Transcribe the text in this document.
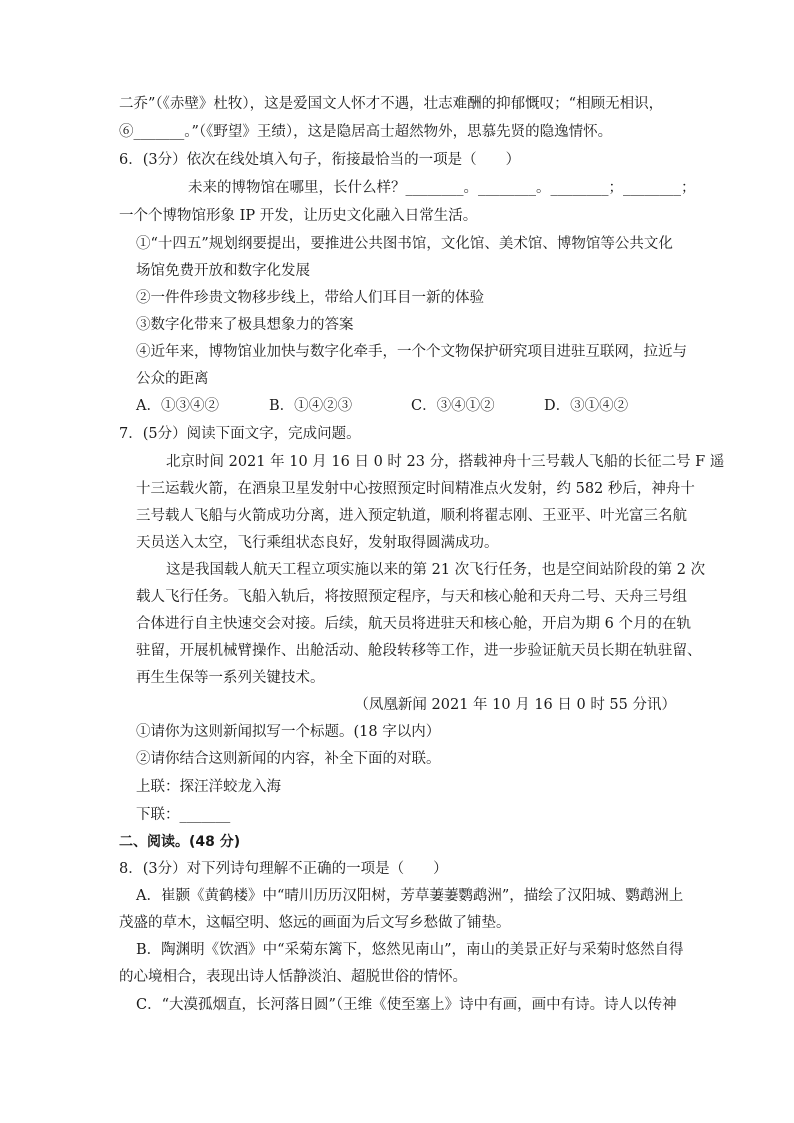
二乔”（《赤壁》杜牧），这是爱国文人怀才不遇，壮志难酬的抑郁慨叹；“相顾无相识，
⑥_______。”（《野望》王绩），这是隐居高士超然物外，思慕先贤的隐逸情怀。
6．(3分）依次在线处填入句子，衔接最恰当的一项是（　　）
未来的博物馆在哪里，长什么样？________。________。________；________；
一个个博物馆形象 IP 开发，让历史文化融入日常生活。
①“十四五”规划纲要提出，要推进公共图书馆，文化馆、美术馆、博物馆等公共文化
场馆免费开放和数字化发展
②一件件珍贵文物移步线上，带给人们耳目一新的体验
③数字化带来了极具想象力的答案
④近年来，博物馆业加快与数字化牵手，一个个文物保护研究项目进驻互联网，拉近与
公众的距离
A．①③④②	B．①④②③	C．③④①②	D．③①④②
7．(5分）阅读下面文字，完成问题。
北京时间 2021 年 10 月 16 日 0 时 23 分，搭载神舟十三号载人飞船的长征二号 F 遥
十三运载火箭，在酒泉卫星发射中心按照预定时间精准点火发射，约 582 秒后，神舟十
三号载人飞船与火箭成功分离，进入预定轨道，顺利将翟志刚、王亚平、叶光富三名航
天员送入太空，飞行乘组状态良好，发射取得圆满成功。
这是我国载人航天工程立项实施以来的第 21 次飞行任务，也是空间站阶段的第 2 次
载人飞行任务。飞船入轨后，将按照预定程序，与天和核心舱和天舟二号、天舟三号组
合体进行自主快速交会对接。后续，航天员将进驻天和核心舱，开启为期 6 个月的在轨
驻留，开展机械臂操作、出舱活动、舱段转移等工作，进一步验证航天员长期在轨驻留、
再生生保等一系列关键技术。
（凤凰新闻 2021 年 10 月 16 日 0 时 55 分讯）
①请你为这则新闻拟写一个标题。(18 字以内）
②请你结合这则新闻的内容，补全下面的对联。
上联：探汪洋蛟龙入海
下联：_______
二、阅读。(48 分)
8．(3分）对下列诗句理解不正确的一项是（　　）
A．崔颢《黄鹤楼》中“晴川历历汉阳树，芳草萋萋鹦鹉洲”，描绘了汉阳城、鹦鹉洲上
茂盛的草木，这幅空明、悠远的画面为后文写乡愁做了铺垫。
B．陶渊明《饮酒》中“采菊东篱下，悠然见南山”，南山的美景正好与采菊时悠然自得
的心境相合，表现出诗人恬静淡泊、超脱世俗的情怀。
C．“大漠孤烟直，长河落日圆”（王维《使至塞上》诗中有画，画中有诗。诗人以传神
